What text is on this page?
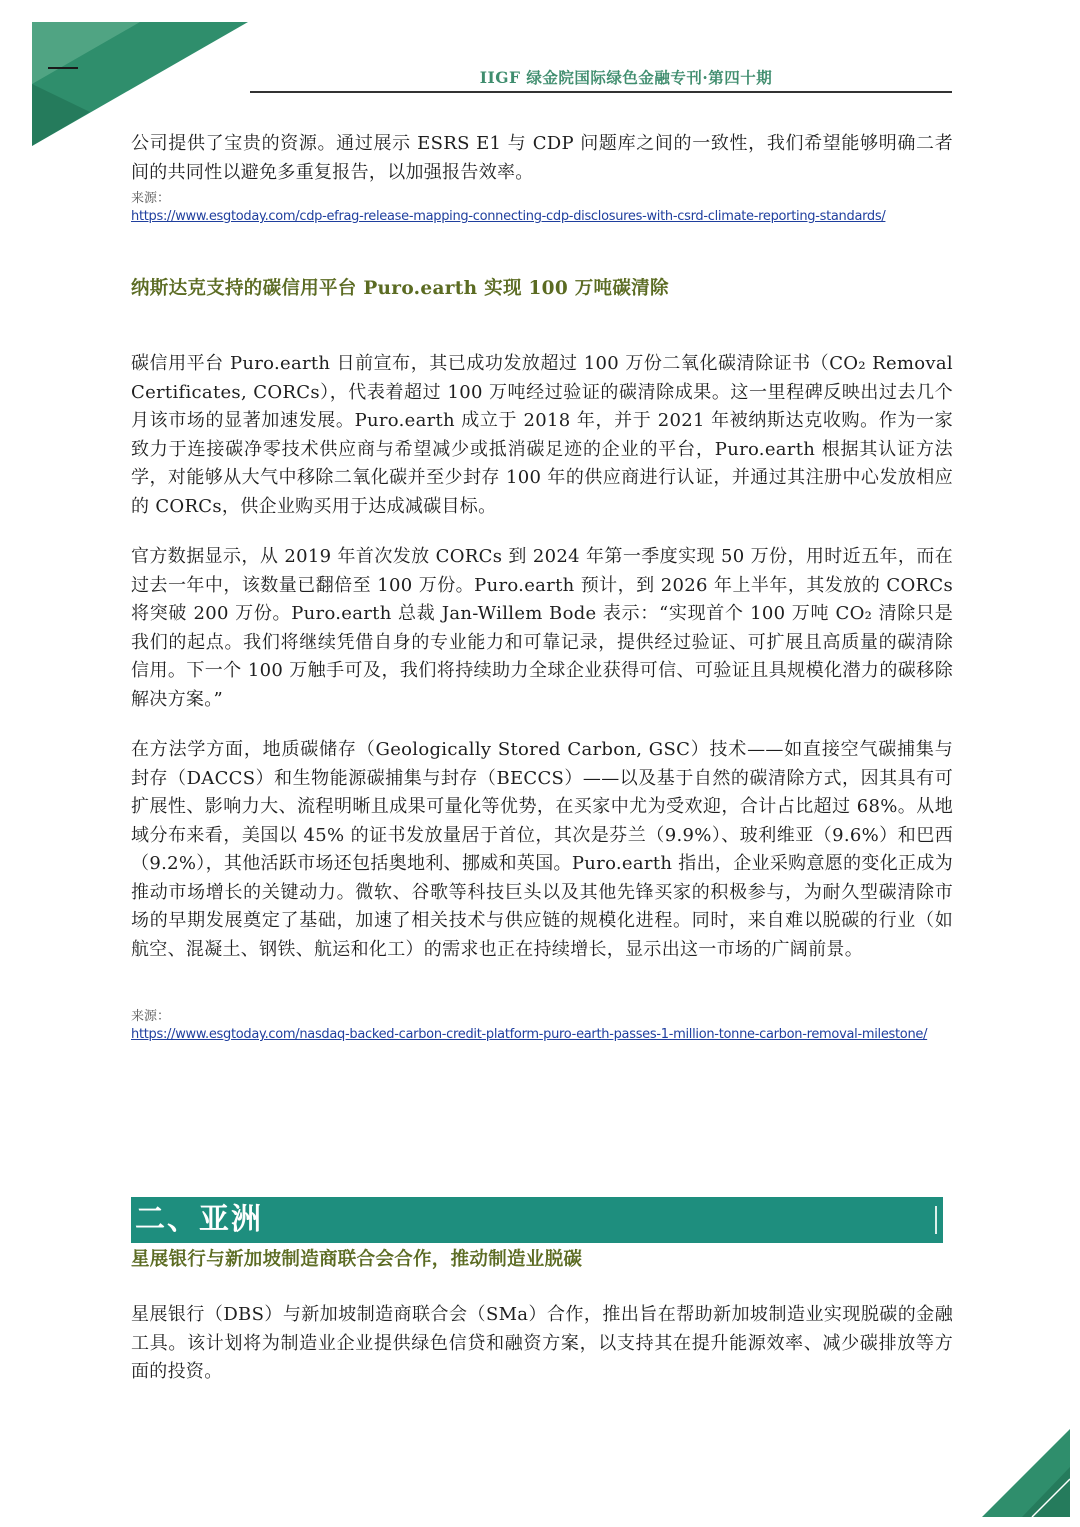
IIGF 绿金院国际绿色金融专刊·第四十期

公司提供了宝贵的资源。通过展示 ESRS E1 与 CDP 问题库之间的一致性，我们希望能够明确二者间的共同性以避免多重复报告，以加强报告效率。

来源：

https://www.esgtoday.com/cdp-efrag-release-mapping-connecting-cdp-disclosures-with-csrd-climate-reporting-standards/

纳斯达克支持的碳信用平台 Puro.earth 实现 100 万吨碳清除

碳信用平台 Puro.earth 日前宣布，其已成功发放超过 100 万份二氧化碳清除证书（CO₂ Removal Certificates, CORCs），代表着超过 100 万吨经过验证的碳清除成果。这一里程碑反映出过去几个月该市场的显著加速发展。Puro.earth 成立于 2018 年，并于 2021 年被纳斯达克收购。作为一家致力于连接碳净零技术供应商与希望减少或抵消碳足迹的企业的平台，Puro.earth 根据其认证方法学，对能够从大气中移除二氧化碳并至少封存 100 年的供应商进行认证，并通过其注册中心发放相应的 CORCs，供企业购买用于达成减碳目标。

官方数据显示，从 2019 年首次发放 CORCs 到 2024 年第一季度实现 50 万份，用时近五年，而在过去一年中，该数量已翻倍至 100 万份。Puro.earth 预计，到 2026 年上半年，其发放的 CORCs 将突破 200 万份。Puro.earth 总裁 Jan-Willem Bode 表示：“实现首个 100 万吨 CO₂ 清除只是我们的起点。我们将继续凭借自身的专业能力和可靠记录，提供经过验证、可扩展且高质量的碳清除信用。下一个 100 万触手可及，我们将持续助力全球企业获得可信、可验证且具规模化潜力的碳移除解决方案。”

在方法学方面，地质碳储存（Geologically Stored Carbon, GSC）技术——如直接空气碳捕集与封存（DACCS）和生物能源碳捕集与封存（BECCS）——以及基于自然的碳清除方式，因其具有可扩展性、影响力大、流程明晰且成果可量化等优势，在买家中尤为受欢迎，合计占比超过 68%。从地域分布来看，美国以 45% 的证书发放量居于首位，其次是芬兰（9.9%）、玻利维亚（9.6%）和巴西（9.2%），其他活跃市场还包括奥地利、挪威和英国。Puro.earth 指出，企业采购意愿的变化正成为推动市场增长的关键动力。微软、谷歌等科技巨头以及其他先锋买家的积极参与，为耐久型碳清除市场的早期发展奠定了基础，加速了相关技术与供应链的规模化进程。同时，来自难以脱碳的行业（如航空、混凝土、钢铁、航运和化工）的需求也正在持续增长，显示出这一市场的广阔前景。

来源：

https://www.esgtoday.com/nasdaq-backed-carbon-credit-platform-puro-earth-passes-1-million-tonne-carbon-removal-milestone/
二、亚洲

星展银行与新加坡制造商联合会合作，推动制造业脱碳

星展银行（DBS）与新加坡制造商联合会（SMa）合作，推出旨在帮助新加坡制造业实现脱碳的金融工具。该计划将为制造业企业提供绿色信贷和融资方案，以支持其在提升能源效率、减少碳排放等方面的投资。
